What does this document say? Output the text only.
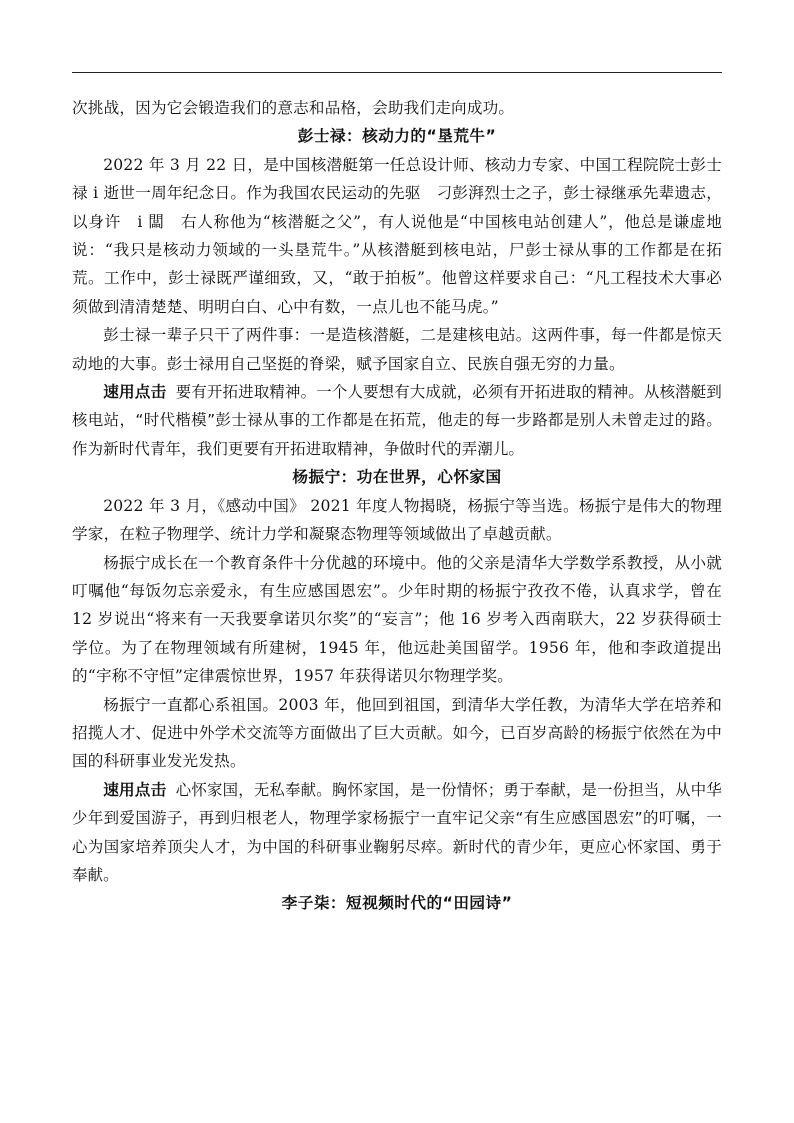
次挑战，因为它会锻造我们的意志和品格，会助我们走向成功。

彭士禄：核动力的“垦荒牛”

2022 年 3 月 22 日，是中国核潜艇第一任总设计师、核动力专家、中国工程院院士彭士禄 i 逝世一周年纪念日。作为我国农民运动的先驱　刁彭湃烈士之子，彭士禄继承先辈遗志，以身许　i 闆　右人称他为“核潜艇之父”，有人说他是“中国核电站创建人”，他总是谦虚地说：“我只是核动力领域的一头垦荒牛。”从核潜艇到核电站，尸彭士禄从事的工作都是在拓荒。工作中，彭士禄既严谨细致，又，“敢于拍板”。他曾这样要求自己：“凡工程技术大事必须做到清清楚楚、明明白白、心中有数，一点儿也不能马虎。”

彭士禄一辈子只干了两件事：一是造核潜艇，二是建核电站。这两件事，每一件都是惊天动地的大事。彭士禄用自己坚挺的脊梁，赋予国家自立、民族自强无穷的力量。

速用点击 要有开拓进取精神。一个人要想有大成就，必须有开拓进取的精神。从核潜艇到核电站，“时代楷模”彭士禄从事的工作都是在拓荒，他走的每一步路都是别人未曾走过的路。作为新时代青年，我们更要有开拓进取精神，争做时代的弄潮儿。

杨振宁：功在世界，心怀家国

2022 年 3 月，《感动中国》 2021 年度人物揭晓，杨振宁等当选。杨振宁是伟大的物理学家，在粒子物理学、统计力学和凝聚态物理等领域做出了卓越贡献。

杨振宁成长在一个教育条件十分优越的环境中。他的父亲是清华大学数学系教授，从小就叮嘱他“每饭勿忘亲爱永，有生应感国恩宏”。少年时期的杨振宁孜孜不倦，认真求学，曾在 12 岁说出“将来有一天我要拿诺贝尔奖”的“妄言”；他 16 岁考入西南联大，22 岁获得硕士学位。为了在物理领域有所建树，1945 年，他远赴美国留学。1956 年，他和李政道提出的“宇称不守恒”定律震惊世界，1957 年获得诺贝尔物理学奖。

杨振宁一直都心系祖国。2003 年，他回到祖国，到清华大学任教，为清华大学在培养和招揽人才、促进中外学术交流等方面做出了巨大贡献。如今，已百岁高龄的杨振宁依然在为中国的科研事业发光发热。

速用点击 心怀家国，无私奉献。胸怀家国，是一份情怀；勇于奉献，是一份担当，从中华少年到爱国游子，再到归根老人，物理学家杨振宁一直牢记父亲“有生应感国恩宏”的叮嘱，一心为国家培养顶尖人才，为中国的科研事业鞠躬尽瘁。新时代的青少年，更应心怀家国、勇于奉献。

李子柒：短视频时代的“田园诗”
